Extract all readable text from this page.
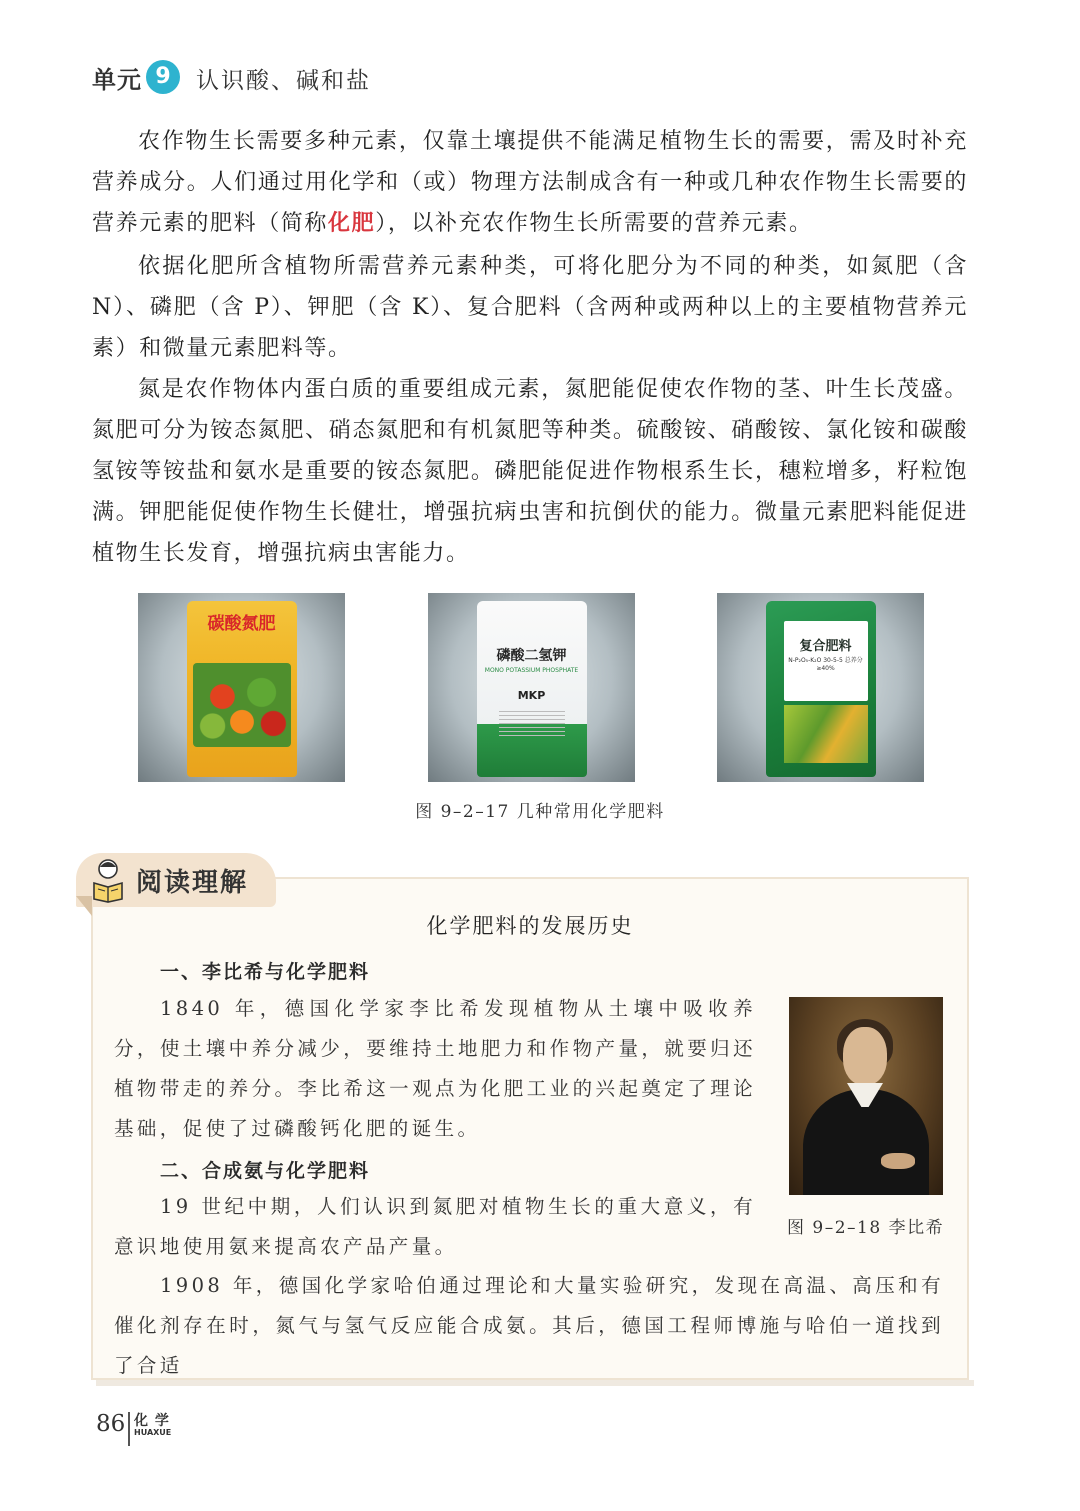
单元 9	认识酸、碱和盐

农作物生长需要多种元素，仅靠土壤提供不能满足植物生长的需要，需及时补充营养成分。人们通过用化学和（或）物理方法制成含有一种或几种农作物生长需要的营养元素的肥料（简称化肥），以补充农作物生长所需要的营养元素。

依据化肥所含植物所需营养元素种类，可将化肥分为不同的种类，如氮肥（含N）、磷肥（含 P）、钾肥（含 K）、复合肥料（含两种或两种以上的主要植物营养元素）和微量元素肥料等。

氮是农作物体内蛋白质的重要组成元素，氮肥能促使农作物的茎、叶生长茂盛。氮肥可分为铵态氮肥、硝态氮肥和有机氮肥等种类。硫酸铵、硝酸铵、氯化铵和碳酸氢铵等铵盐和氨水是重要的铵态氮肥。磷肥能促进作物根系生长，穗粒增多，籽粒饱满。钾肥能促使作物生长健壮，增强抗病虫害和抗倒伏的能力。微量元素肥料能促进植物生长发育，增强抗病虫害能力。

碳酸氮肥
磷酸二氢钾
MONO POTASSIUM PHOSPHATE
MKP
复合肥料
N-P₂O₅-K₂O 30-5-5 总养分≥40%
图 9–2–17 几种常用化学肥料
阅读理解
化学肥料的发展历史
一、李比希与化学肥料

1840 年，德国化学家李比希发现植物从土壤中吸收养分，使土壤中养分减少，要维持土地肥力和作物产量，就要归还植物带走的养分。李比希这一观点为化肥工业的兴起奠定了理论基础，促使了过磷酸钙化肥的诞生。

二、合成氨与化学肥料

19 世纪中期，人们认识到氮肥对植物生长的重大意义，有意识地使用氨来提高农产品产量。

1908 年，德国化学家哈伯通过理论和大量实验研究，发现在高温、高压和有催化剂存在时，氮气与氢气反应能合成氨。其后，德国工程师博施与哈伯一道找到了合适

图 9–2–18 李比希
86 化 学
HUAXUE
